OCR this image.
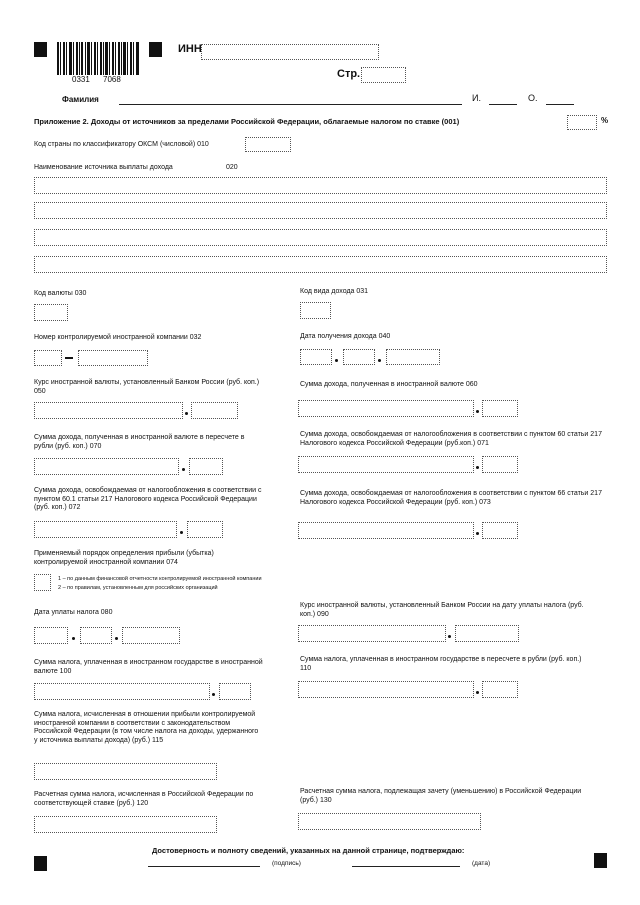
0331 7068
ИНН
Стр.
Фамилия	И.	О.
Приложение 2. Доходы от источников за пределами Российской Федерации, облагаемые налогом по ставке (001)	%
Код страны по классификатору ОКСМ (числовой) 010
Наименование источника выплаты дохода	020
Код валюты 030	Код вида дохода 031
Номер контролируемой иностранной компании 032	Дата получения дохода 040
Курс иностранной валюты, установленный Банком России (руб. коп.) 050
Сумма дохода, полученная в иностранной валюте 060
Сумма дохода, полученная в иностранной валюте в пересчете в рубли (руб. коп.) 070
Сумма дохода, освобождаемая от налогообложения в соответствии с пунктом 60 статьи 217 Налогового кодекса Российской Федерации (руб.коп.) 071
Сумма дохода, освобождаемая от налогообложения в соответствии с пунктом 60.1 статьи 217 Налогового кодекса Российской Федерации (руб. коп.) 072
Сумма дохода, освобождаемая от налогообложения в соответствии с пунктом 66 статьи 217 Налогового кодекса Российской Федерации (руб. коп.) 073
Применяемый порядок определения прибыли (убытка) контролируемой иностранной компании 074
1 – по данным финансовой отчетности контролируемой иностранной компании
2 – по правилам, установленным для российских организаций
Дата уплаты налога 080
Курс иностранной валюты, установленный Банком России на дату уплаты налога (руб. коп.) 090
Сумма налога, уплаченная в иностранном государстве в иностранной валюте 100
Сумма налога, уплаченная в иностранном государстве в пересчете в рубли (руб. коп.) 110
Сумма налога, исчисленная в отношении прибыли контролируемой иностранной компании в соответствии с законодательством Российской Федерации (в том числе налога на доходы, удержанного у источника выплаты дохода) (руб.) 115
Расчетная сумма налога, исчисленная в Российской Федерации по соответствующей ставке (руб.) 120
Расчетная сумма налога, подлежащая зачету (уменьшению) в Российской Федерации (руб.) 130
Достоверность и полноту сведений, указанных на данной странице, подтверждаю:
(подпись)	(дата)
